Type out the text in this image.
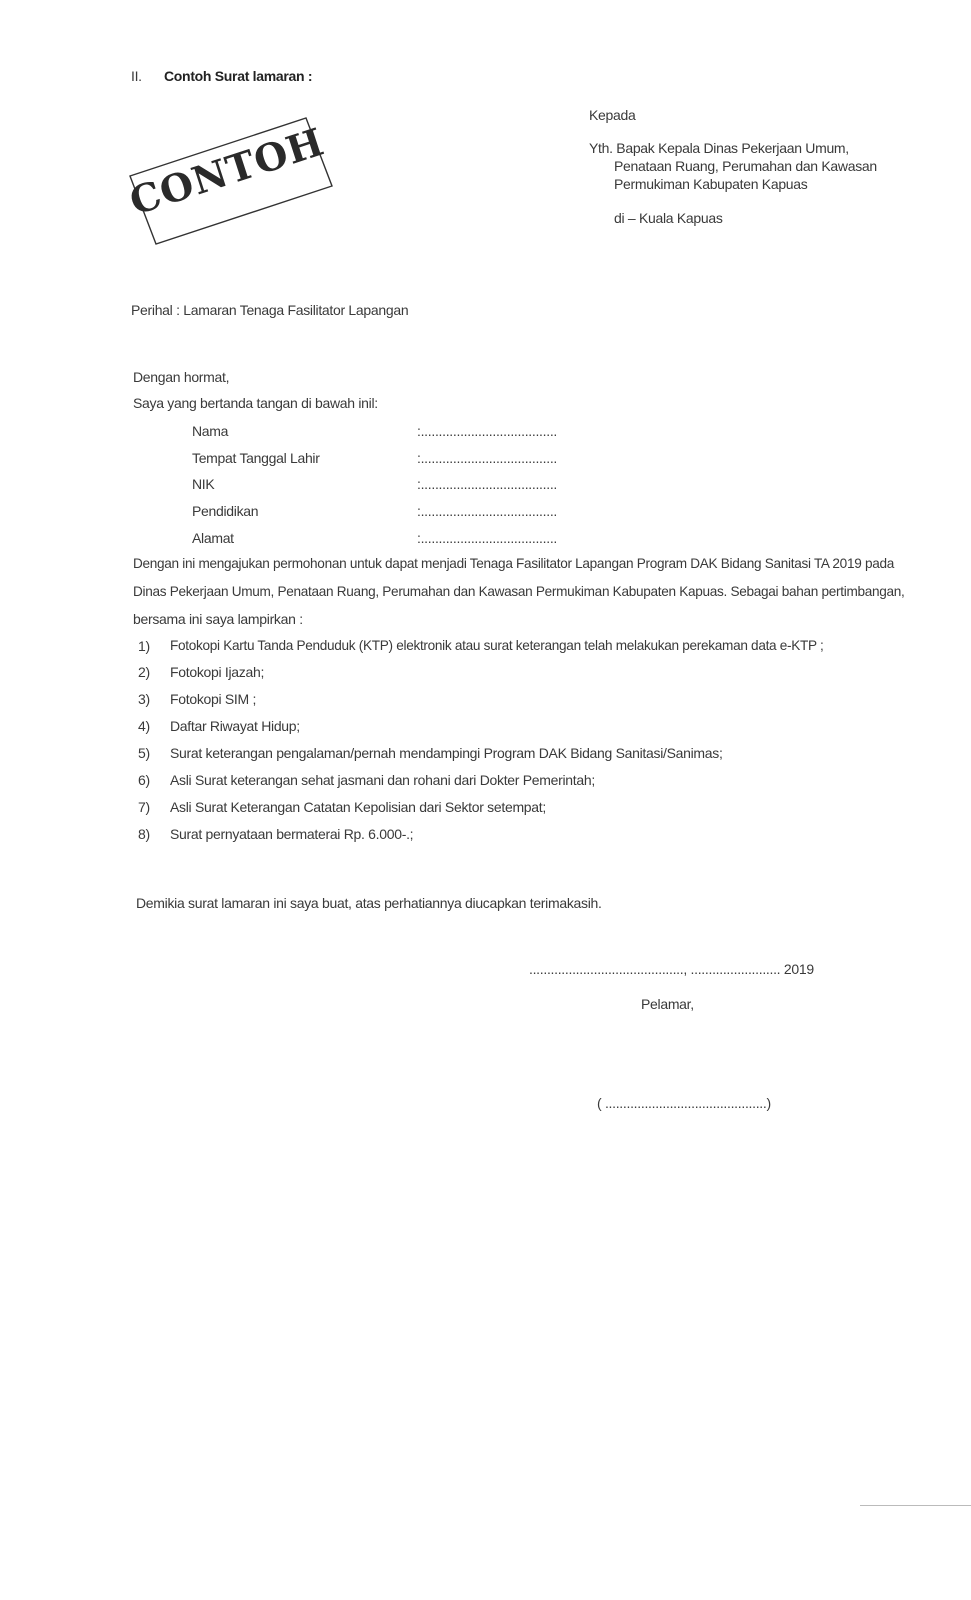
II. Contoh Surat lamaran :
CONTOH
Kepada
Yth. Bapak Kepala Dinas Pekerjaan Umum,
Penataan Ruang, Perumahan dan Kawasan
Permukiman Kabupaten Kapuas
di – Kuala Kapuas
Perihal : Lamaran Tenaga Fasilitator Lapangan
Dengan hormat,
Saya yang bertanda tangan di bawah inil:
Nama	:......................................
Tempat Tanggal Lahir	:......................................
NIK	:......................................
Pendidikan	:......................................
Alamat	:......................................
Dengan ini mengajukan permohonan untuk dapat menjadi Tenaga Fasilitator Lapangan Program DAK Bidang Sanitasi TA 2019 pada
Dinas Pekerjaan Umum, Penataan Ruang, Perumahan dan Kawasan Permukiman Kabupaten Kapuas. Sebagai bahan pertimbangan,
bersama ini saya lampirkan :
1) Fotokopi Kartu Tanda Penduduk (KTP) elektronik atau surat keterangan telah melakukan perekaman data e-KTP ;
2) Fotokopi Ijazah;
3) Fotokopi SIM ;
4) Daftar Riwayat Hidup;
5) Surat keterangan pengalaman/pernah mendampingi Program DAK Bidang Sanitasi/Sanimas;
6) Asli Surat keterangan sehat jasmani dan rohani dari Dokter Pemerintah;
7) Asli Surat Keterangan Catatan Kepolisian dari Sektor setempat;
8) Surat pernyataan bermaterai Rp. 6.000-.;
Demikia surat lamaran ini saya buat, atas perhatiannya diucapkan terimakasih.
..........................................., ......................... 2019
Pelamar,
( .............................................)
